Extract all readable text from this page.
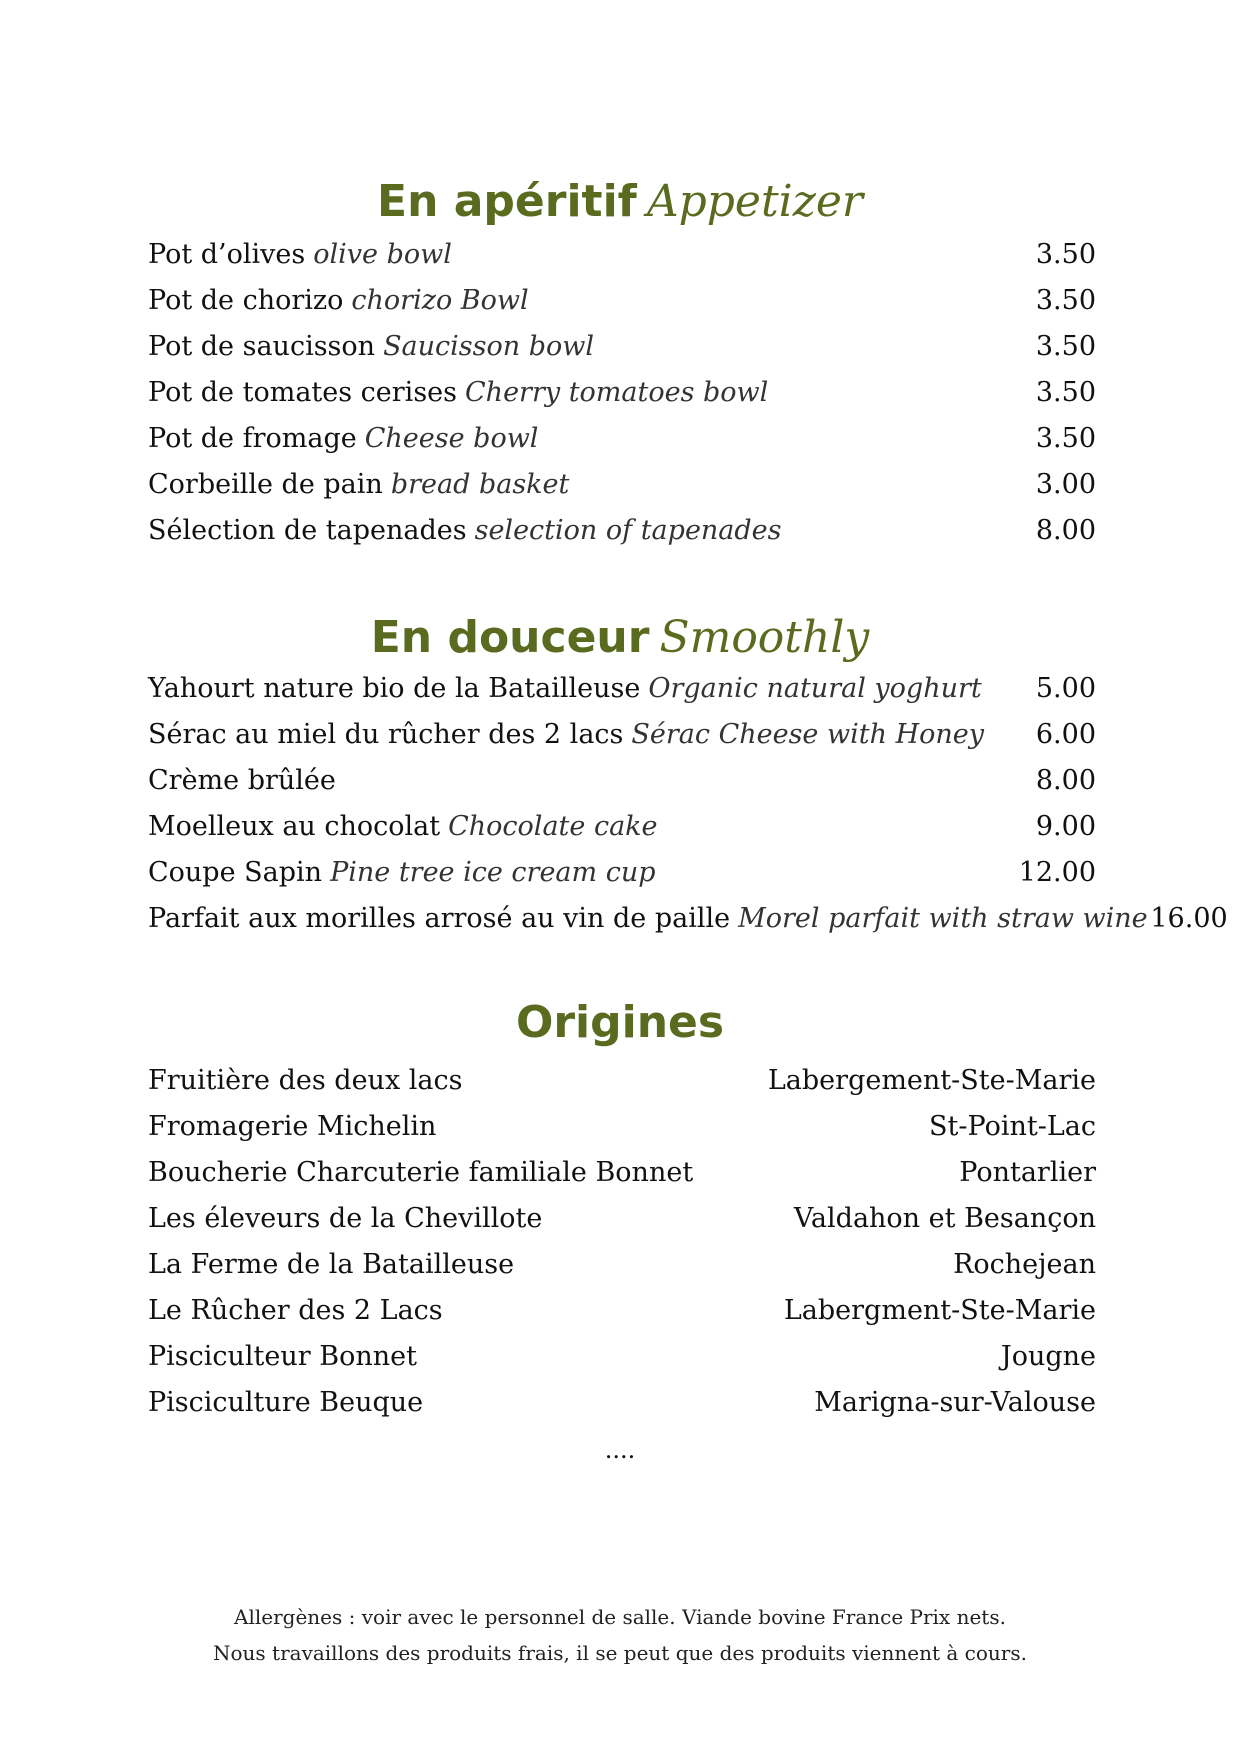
En apéritif Appetizer
Pot d’olives olive bowl	3.50
Pot de chorizo chorizo Bowl	3.50
Pot de saucisson Saucisson bowl	3.50
Pot de tomates cerises Cherry tomatoes bowl	3.50
Pot de fromage Cheese bowl	3.50
Corbeille de pain bread basket	3.00
Sélection de tapenades selection of tapenades	8.00
En douceur Smoothly
Yahourt nature bio de la Batailleuse Organic natural yoghurt	5.00
Sérac au miel du rûcher des 2 lacs Sérac Cheese with Honey	6.00
Crème brûlée	8.00
Moelleux au chocolat Chocolate cake	9.00
Coupe Sapin Pine tree ice cream cup	12.00
Parfait aux morilles arrosé au vin de paille Morel parfait with straw wine 16.00
Origines
Fruitière des deux lacs	Labergement-Ste-Marie
Fromagerie Michelin	St-Point-Lac
Boucherie Charcuterie familiale Bonnet	Pontarlier
Les éleveurs de la Chevillote	Valdahon et Besançon
La Ferme de la Batailleuse	Rochejean
Le Rûcher des 2 Lacs	Labergment-Ste-Marie
Pisciculteur Bonnet	Jougne
Pisciculture Beuque	Marigna-sur-Valouse
....
Allergènes : voir avec le personnel de salle. Viande bovine France Prix nets.
Nous travaillons des produits frais, il se peut que des produits viennent à cours.
